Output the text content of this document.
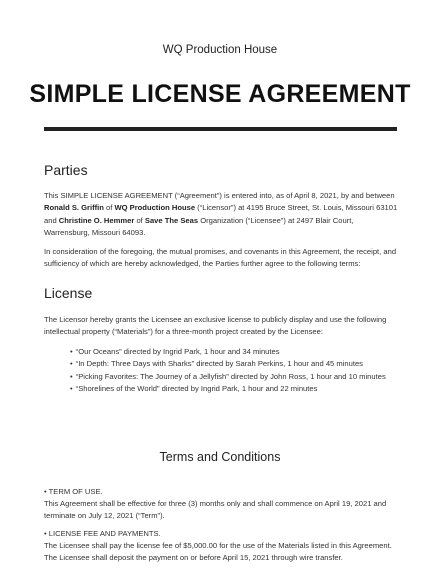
WQ Production House
SIMPLE LICENSE AGREEMENT
Parties

This SIMPLE LICENSE AGREEMENT (“Agreement”) is entered into, as of April 8, 2021, by and between Ronald S. Griffin of WQ Production House (“Licensor”) at 4195 Bruce Street, St. Louis, Missouri 63101 and Christine O. Hemmer of Save The Seas Organization (“Licensee”) at 2497 Blair Court, Warrensburg, Missouri 64093.

In consideration of the foregoing, the mutual promises, and covenants in this Agreement, the receipt, and sufficiency of which are hereby acknowledged, the Parties further agree to the following terms:

License

The Licensor hereby grants the Licensee an exclusive license to publicly display and use the following intellectual property (“Materials”) for a three-month project created by the Licensee:

• “Our Oceans” directed by Ingrid Park, 1 hour and 34 minutes
• “In Depth: Three Days with Sharks” directed by Sarah Perkins, 1 hour and 45 minutes
• “Picking Favorites: The Journey of a Jellyfish” directed by John Ross, 1 hour and 10 minutes
• “Shorelines of the World” directed by Ingrid Park, 1 hour and 22 minutes
Terms and Conditions

• TERM OF USE.

This Agreement shall be effective for three (3) months only and shall commence on April 19, 2021 and terminate on July 12, 2021 (“Term”).

• LICENSE FEE AND PAYMENTS.

The Licensee shall pay the license fee of $5,000.00 for the use of the Materials listed in this Agreement.

The Licensee shall deposit the payment on or before April 15, 2021 through wire transfer.
